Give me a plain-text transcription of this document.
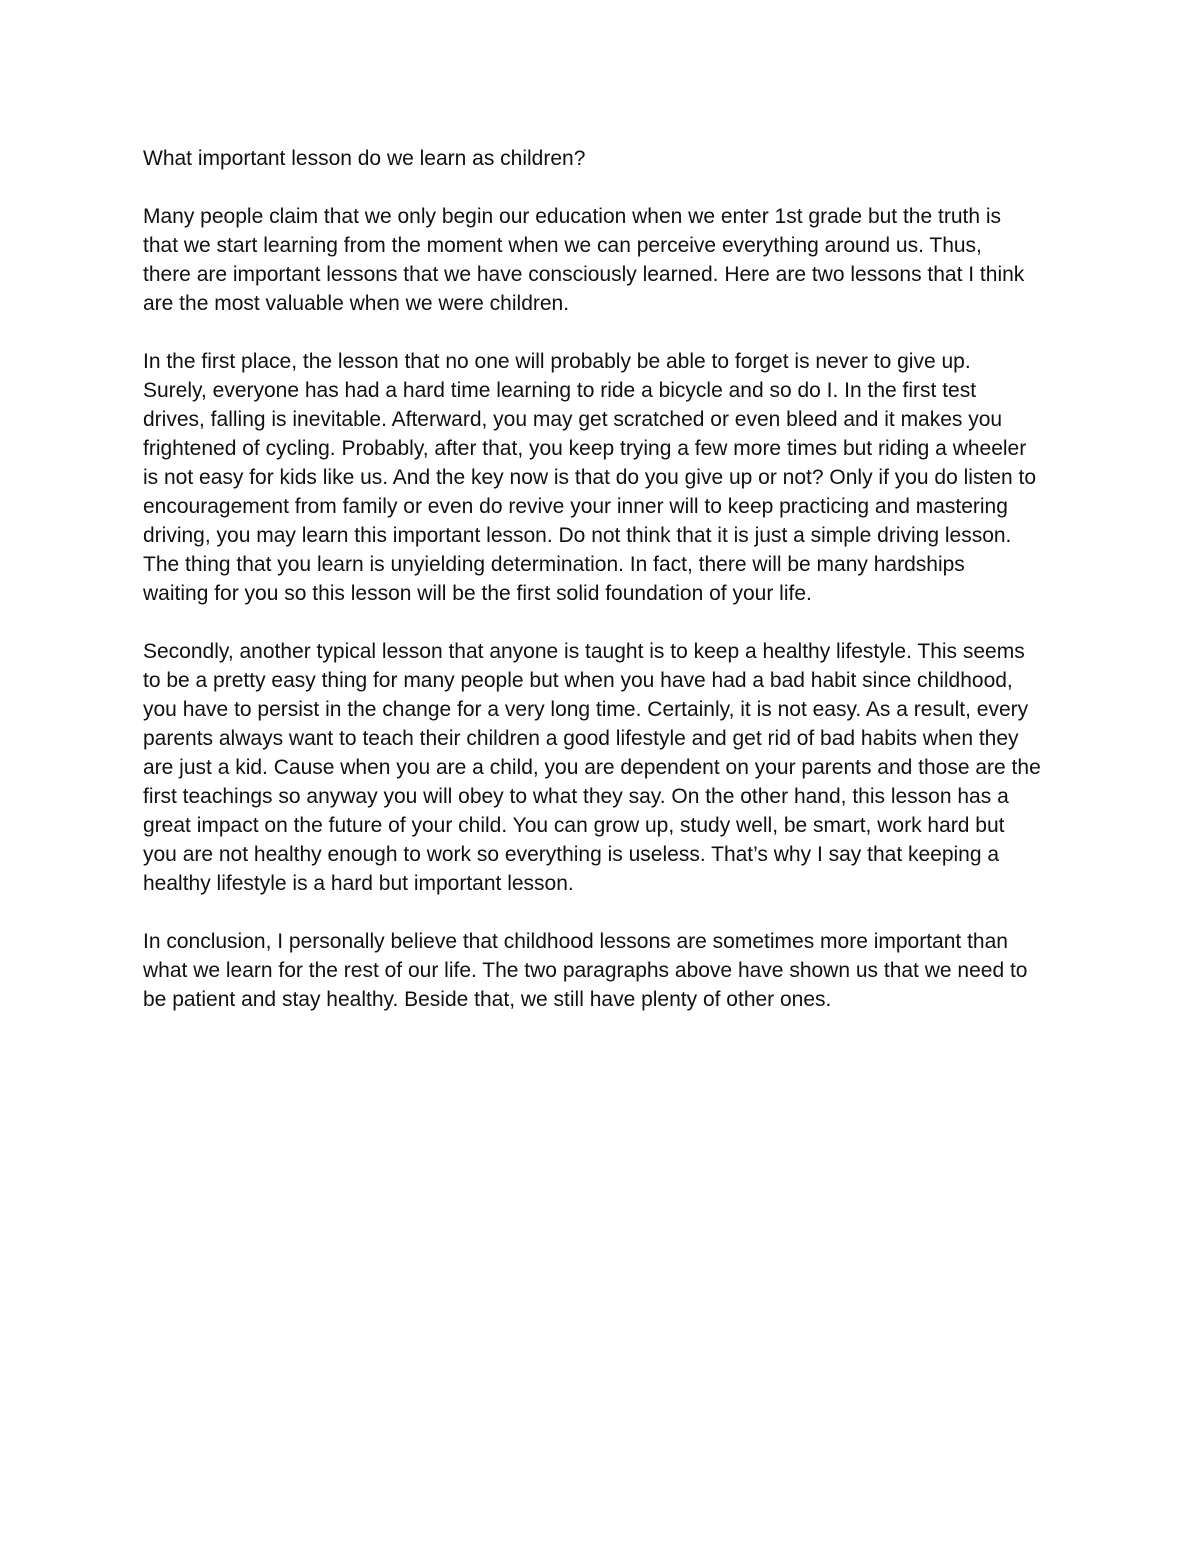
What important lesson do we learn as children?
Many people claim that we only begin our education when we enter 1st grade but the truth is
that we start learning from the moment when we can perceive everything around us. Thus,
there are important lessons that we have consciously learned. Here are two lessons that I think
are the most valuable when we were children.
In the first place, the lesson that no one will probably be able to forget is never to give up.
Surely, everyone has had a hard time learning to ride a bicycle and so do I. In the first test
drives, falling is inevitable. Afterward, you may get scratched or even bleed and it makes you
frightened of cycling. Probably, after that, you keep trying a few more times but riding a wheeler
is not easy for kids like us. And the key now is that do you give up or not? Only if you do listen to
encouragement from family or even do revive your inner will to keep practicing and mastering
driving, you may learn this important lesson. Do not think that it is just a simple driving lesson.
The thing that you learn is unyielding determination. In fact, there will be many hardships
waiting for you so this lesson will be the first solid foundation of your life.
Secondly, another typical lesson that anyone is taught is to keep a healthy lifestyle. This seems
to be a pretty easy thing for many people but when you have had a bad habit since childhood,
you have to persist in the change for a very long time. Certainly, it is not easy. As a result, every
parents always want to teach their children a good lifestyle and get rid of bad habits when they
are just a kid. Cause when you are a child, you are dependent on your parents and those are the
first teachings so anyway you will obey to what they say. On the other hand, this lesson has a
great impact on the future of your child. You can grow up, study well, be smart, work hard but
you are not healthy enough to work so everything is useless. That’s why I say that keeping a
healthy lifestyle is a hard but important lesson.
In conclusion, I personally believe that childhood lessons are sometimes more important than
what we learn for the rest of our life. The two paragraphs above have shown us that we need to
be patient and stay healthy. Beside that, we still have plenty of other ones.
